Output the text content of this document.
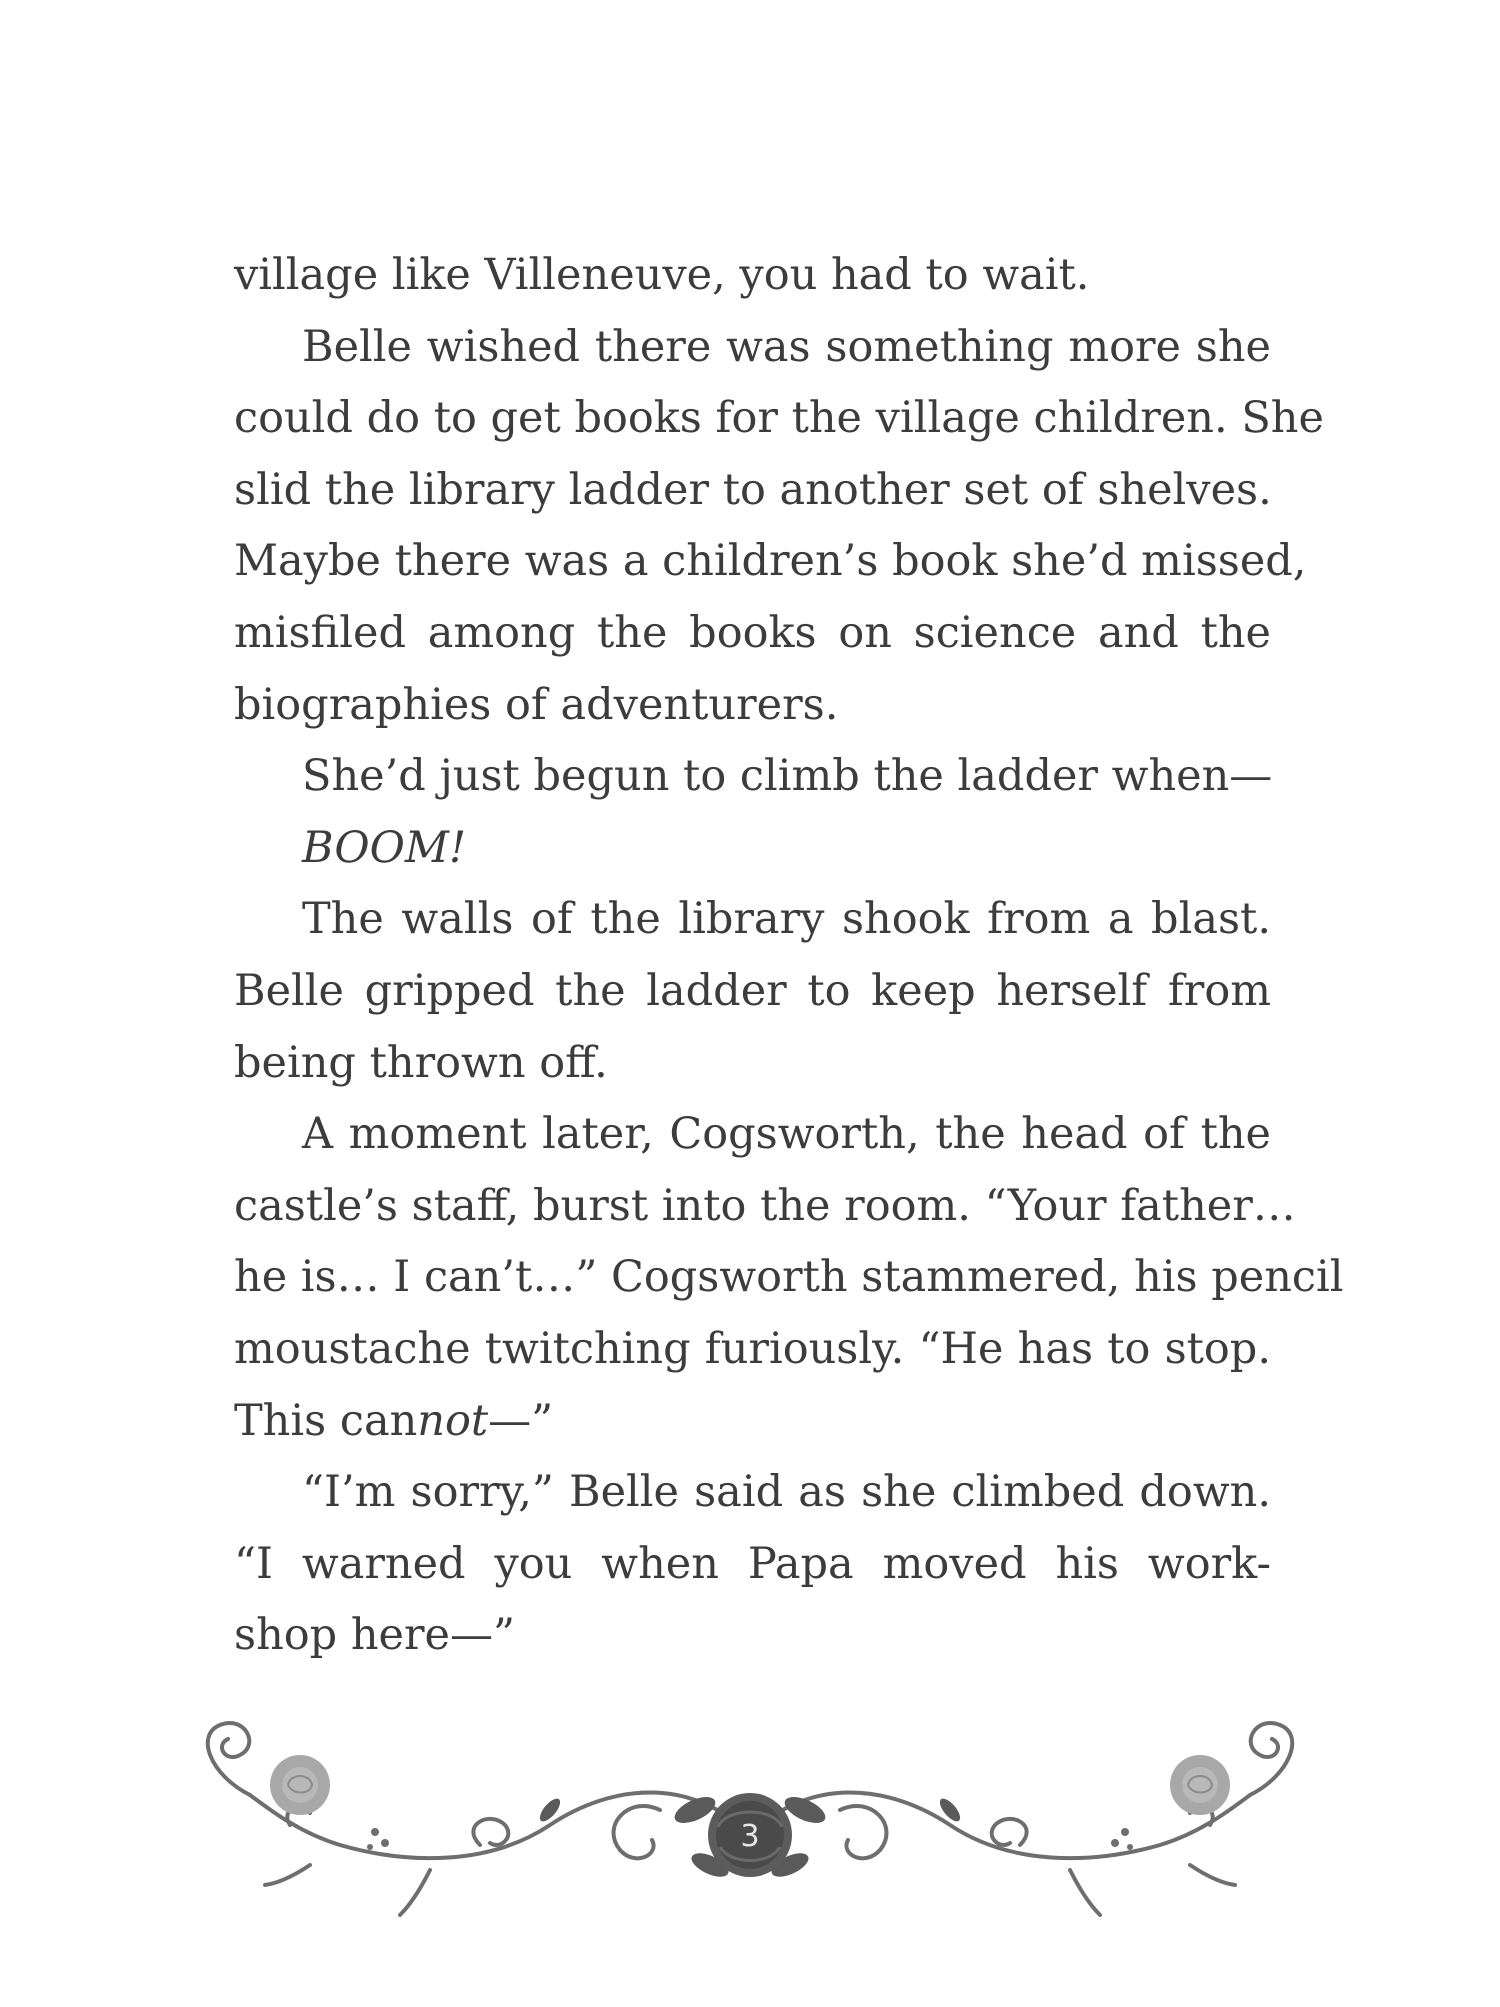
village like Villeneuve, you had to wait.
Belle wished there was something more she
could do to get books for the village children. She
slid the library ladder to another set of shelves.
Maybe there was a children’s book she’d missed,
misfiled among the books on science and the
biographies of adventurers.
She’d just begun to climb the ladder when—
BOOM!
The walls of the library shook from a blast.
Belle gripped the ladder to keep herself from
being thrown off.
A moment later, Cogsworth, the head of the
castle’s staff, burst into the room. “Your father…
he is… I can’t…” Cogsworth stammered, his pencil
moustache twitching furiously. “He has to stop.
This cannot—”
“I’m sorry,” Belle said as she climbed down.
“I warned you when Papa moved his work-
shop here—”
3
